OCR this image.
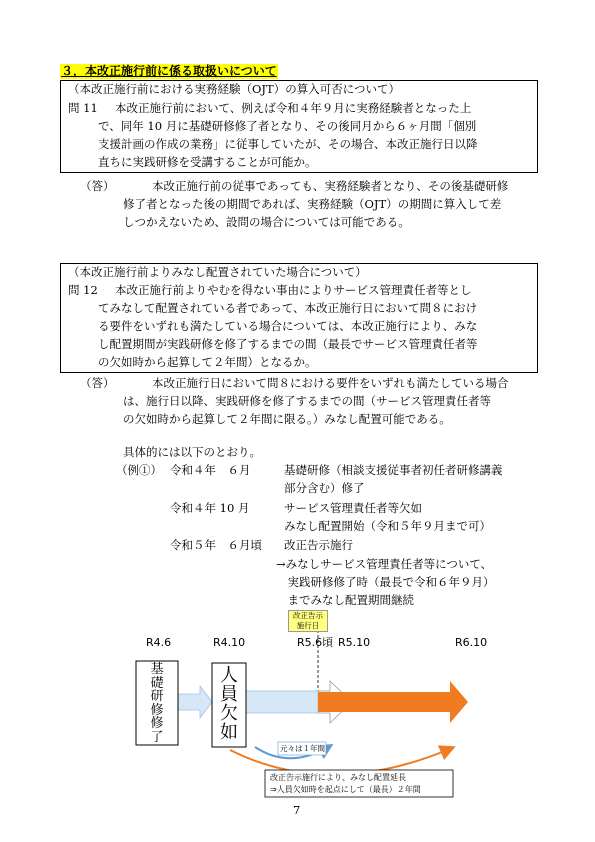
３．本改正施行前に係る取扱いについて
（本改正施行前における実務経験（OJT）の算入可否について）
問 11 本改正施行前において、例えば令和４年９月に実務経験者となった上
で、同年 10 月に基礎研修修了者となり、その後同月から６ヶ月間「個別
支援計画の作成の業務」に従事していたが、その場合、本改正施行日以降
直ちに実践研修を受講することが可能か。
（答）	本改正施行前の従事であっても、実務経験者となり、その後基礎研修
修了者となった後の期間であれば、実務経験（OJT）の期間に算入して差
しつかえないため、設問の場合については可能である。
（本改正施行前よりみなし配置されていた場合について）
問 12 本改正施行前よりやむを得ない事由によりサービス管理責任者等とし
てみなして配置されている者であって、本改正施行日において問８におけ
る要件をいずれも満たしている場合については、本改正施行により、みな
し配置期間が実践研修を修了するまでの間（最長でサービス管理責任者等
の欠如時から起算して２年間）となるか。
（答）	本改正施行日において問８における要件をいずれも満たしている場合
は、施行日以降、実践研修を修了するまでの間（サービス管理責任者等
の欠如時から起算して２年間に限る。）みなし配置可能である。
具体的には以下のとおり。
（例①） 令和４年　６月	基礎研修（相談支援従事者初任者研修講義
部分含む）修了
令和４年 10 月	サービス管理責任者等欠如
みなし配置開始（令和５年９月まで可）
令和５年　６月頃 改正告示施行
→みなしサービス管理責任者等について、
　実践研修修了時（最長で令和６年９月）
　までみなし配置期間継続
改正告示
施行日
R4.6	R4.10	R5.6頃 R5.10	R6.10
基
礎
研
修
修
了
人
員
欠
如
元々は１年間
改正告示施行により、みなし配置延長
⇒人員欠如時を起点にして（最長）２年間
7
